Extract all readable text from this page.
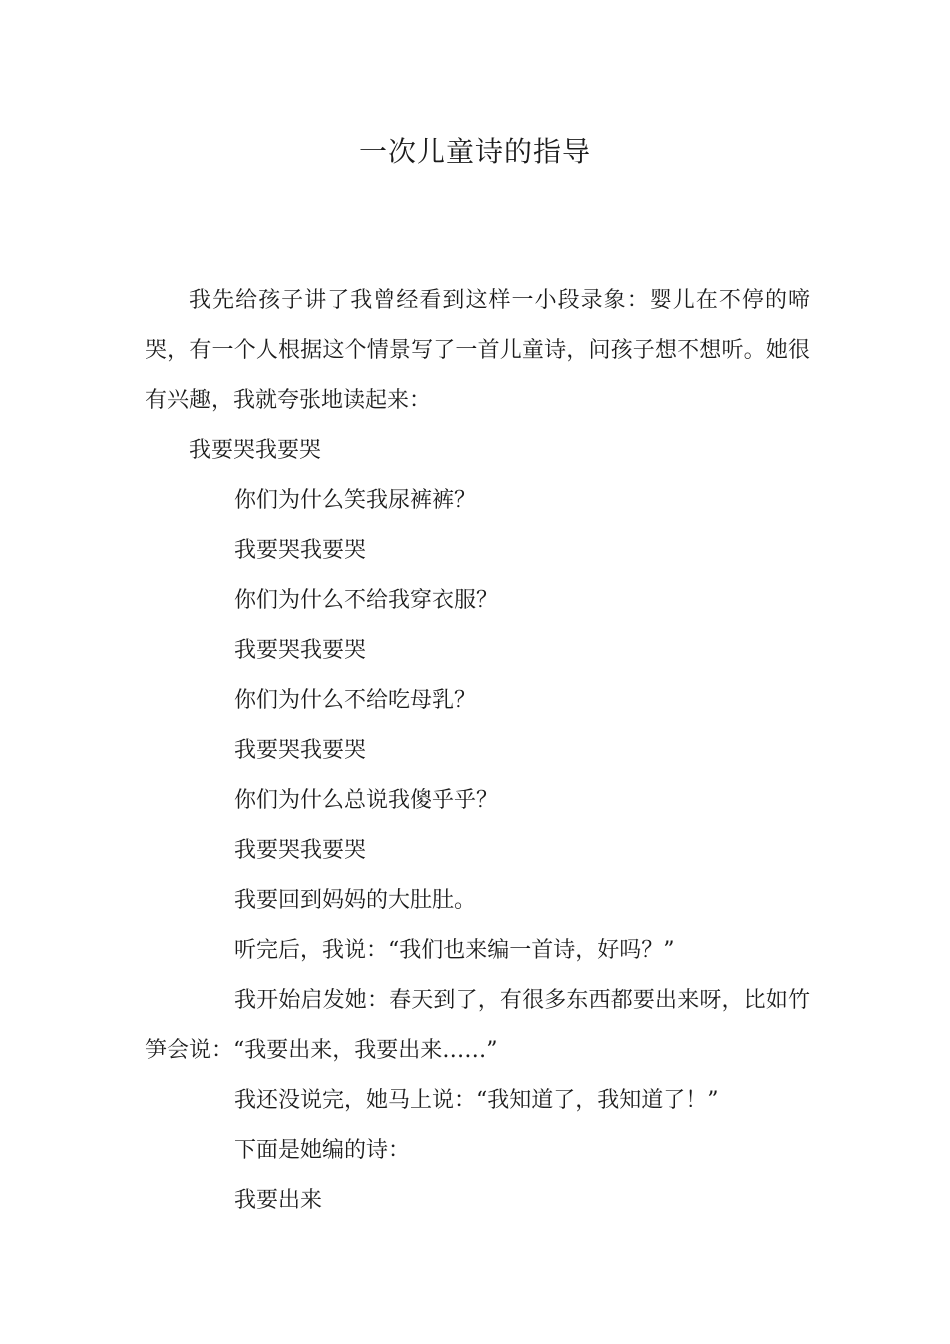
一次儿童诗的指导

我先给孩子讲了我曾经看到这样一小段录象：婴儿在不停的啼哭，有一个人根据这个情景写了一首儿童诗，问孩子想不想听。她很有兴趣，我就夸张地读起来：

我要哭我要哭

你们为什么笑我尿裤裤？

我要哭我要哭

你们为什么不给我穿衣服？

我要哭我要哭

你们为什么不给吃母乳？

我要哭我要哭

你们为什么总说我傻乎乎？

我要哭我要哭

我要回到妈妈的大肚肚。

听完后，我说：“我们也来编一首诗，好吗？”

我开始启发她：春天到了，有很多东西都要出来呀，比如竹笋会说：“我要出来，我要出来……”

我还没说完，她马上说：“我知道了，我知道了！”

下面是她编的诗：

我要出来
